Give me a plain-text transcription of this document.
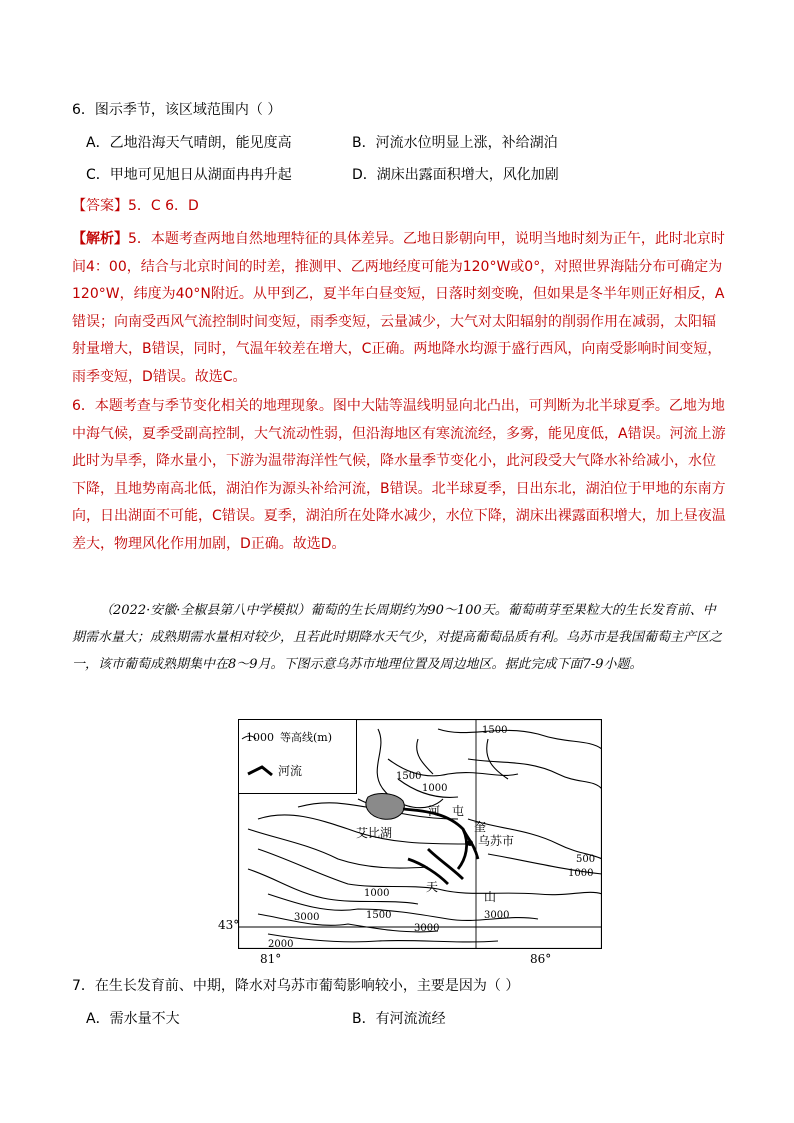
6．图示季节，该区域范围内（ ）
A．乙地沿海天气晴朗，能见度高	B．河流水位明显上涨，补给湖泊
C．甲地可见旭日从湖面冉冉升起	D．湖床出露面积增大，风化加剧
【答案】5．C 6．D
【解析】5．本题考查两地自然地理特征的具体差异。乙地日影朝向甲，说明当地时刻为正午，此时北京时间4：00，结合与北京时间的时差，推测甲、乙两地经度可能为120°W或0°，对照世界海陆分布可确定为120°W，纬度为40°N附近。从甲到乙，夏半年白昼变短，日落时刻变晚，但如果是冬半年则正好相反，A错误；向南受西风气流控制时间变短，雨季变短，云量减少，大气对太阳辐射的削弱作用在减弱，太阳辐射量增大，B错误，同时，气温年较差在增大，C正确。两地降水均源于盛行西风，向南受影响时间变短，雨季变短，D错误。故选C。
6．本题考查与季节变化相关的地理现象。图中大陆等温线明显向北凸出，可判断为北半球夏季。乙地为地中海气候，夏季受副高控制，大气流动性弱，但沿海地区有寒流流经，多雾，能见度低，A错误。河流上游此时为旱季，降水量小，下游为温带海洋性气候，降水量季节变化小，此河段受大气降水补给减小，水位下降，且地势南高北低，湖泊作为源头补给河流，B错误。北半球夏季，日出东北，湖泊位于甲地的东南方向，日出湖面不可能，C错误。夏季，湖泊所在处降水减少，水位下降，湖床出裸露面积增大，加上昼夜温差大，物理风化作用加剧，D正确。故选D。
（2022·安徽·全椒县第八中学模拟）葡萄的生长周期约为90～100天。葡萄萌芽至果粒大的生长发育前、中期需水量大；成熟期需水量相对较少，且若此时期降水天气少，对提高葡萄品质有利。乌苏市是我国葡萄主产区之一，该市葡萄成熟期集中在8～9月。下图示意乌苏市地理位置及周边地区。据此完成下面7-9小题。
1000 等高线(m)
河流
河 屯
奎
乌苏市
艾比湖
天
山
1500
1500
1000
500
1000
1000
3000
1500
3000
3000
2000
43°
81°	86°
7．在生长发育前、中期，降水对乌苏市葡萄影响较小，主要是因为（ ）
A．需水量不大	B．有河流流经
